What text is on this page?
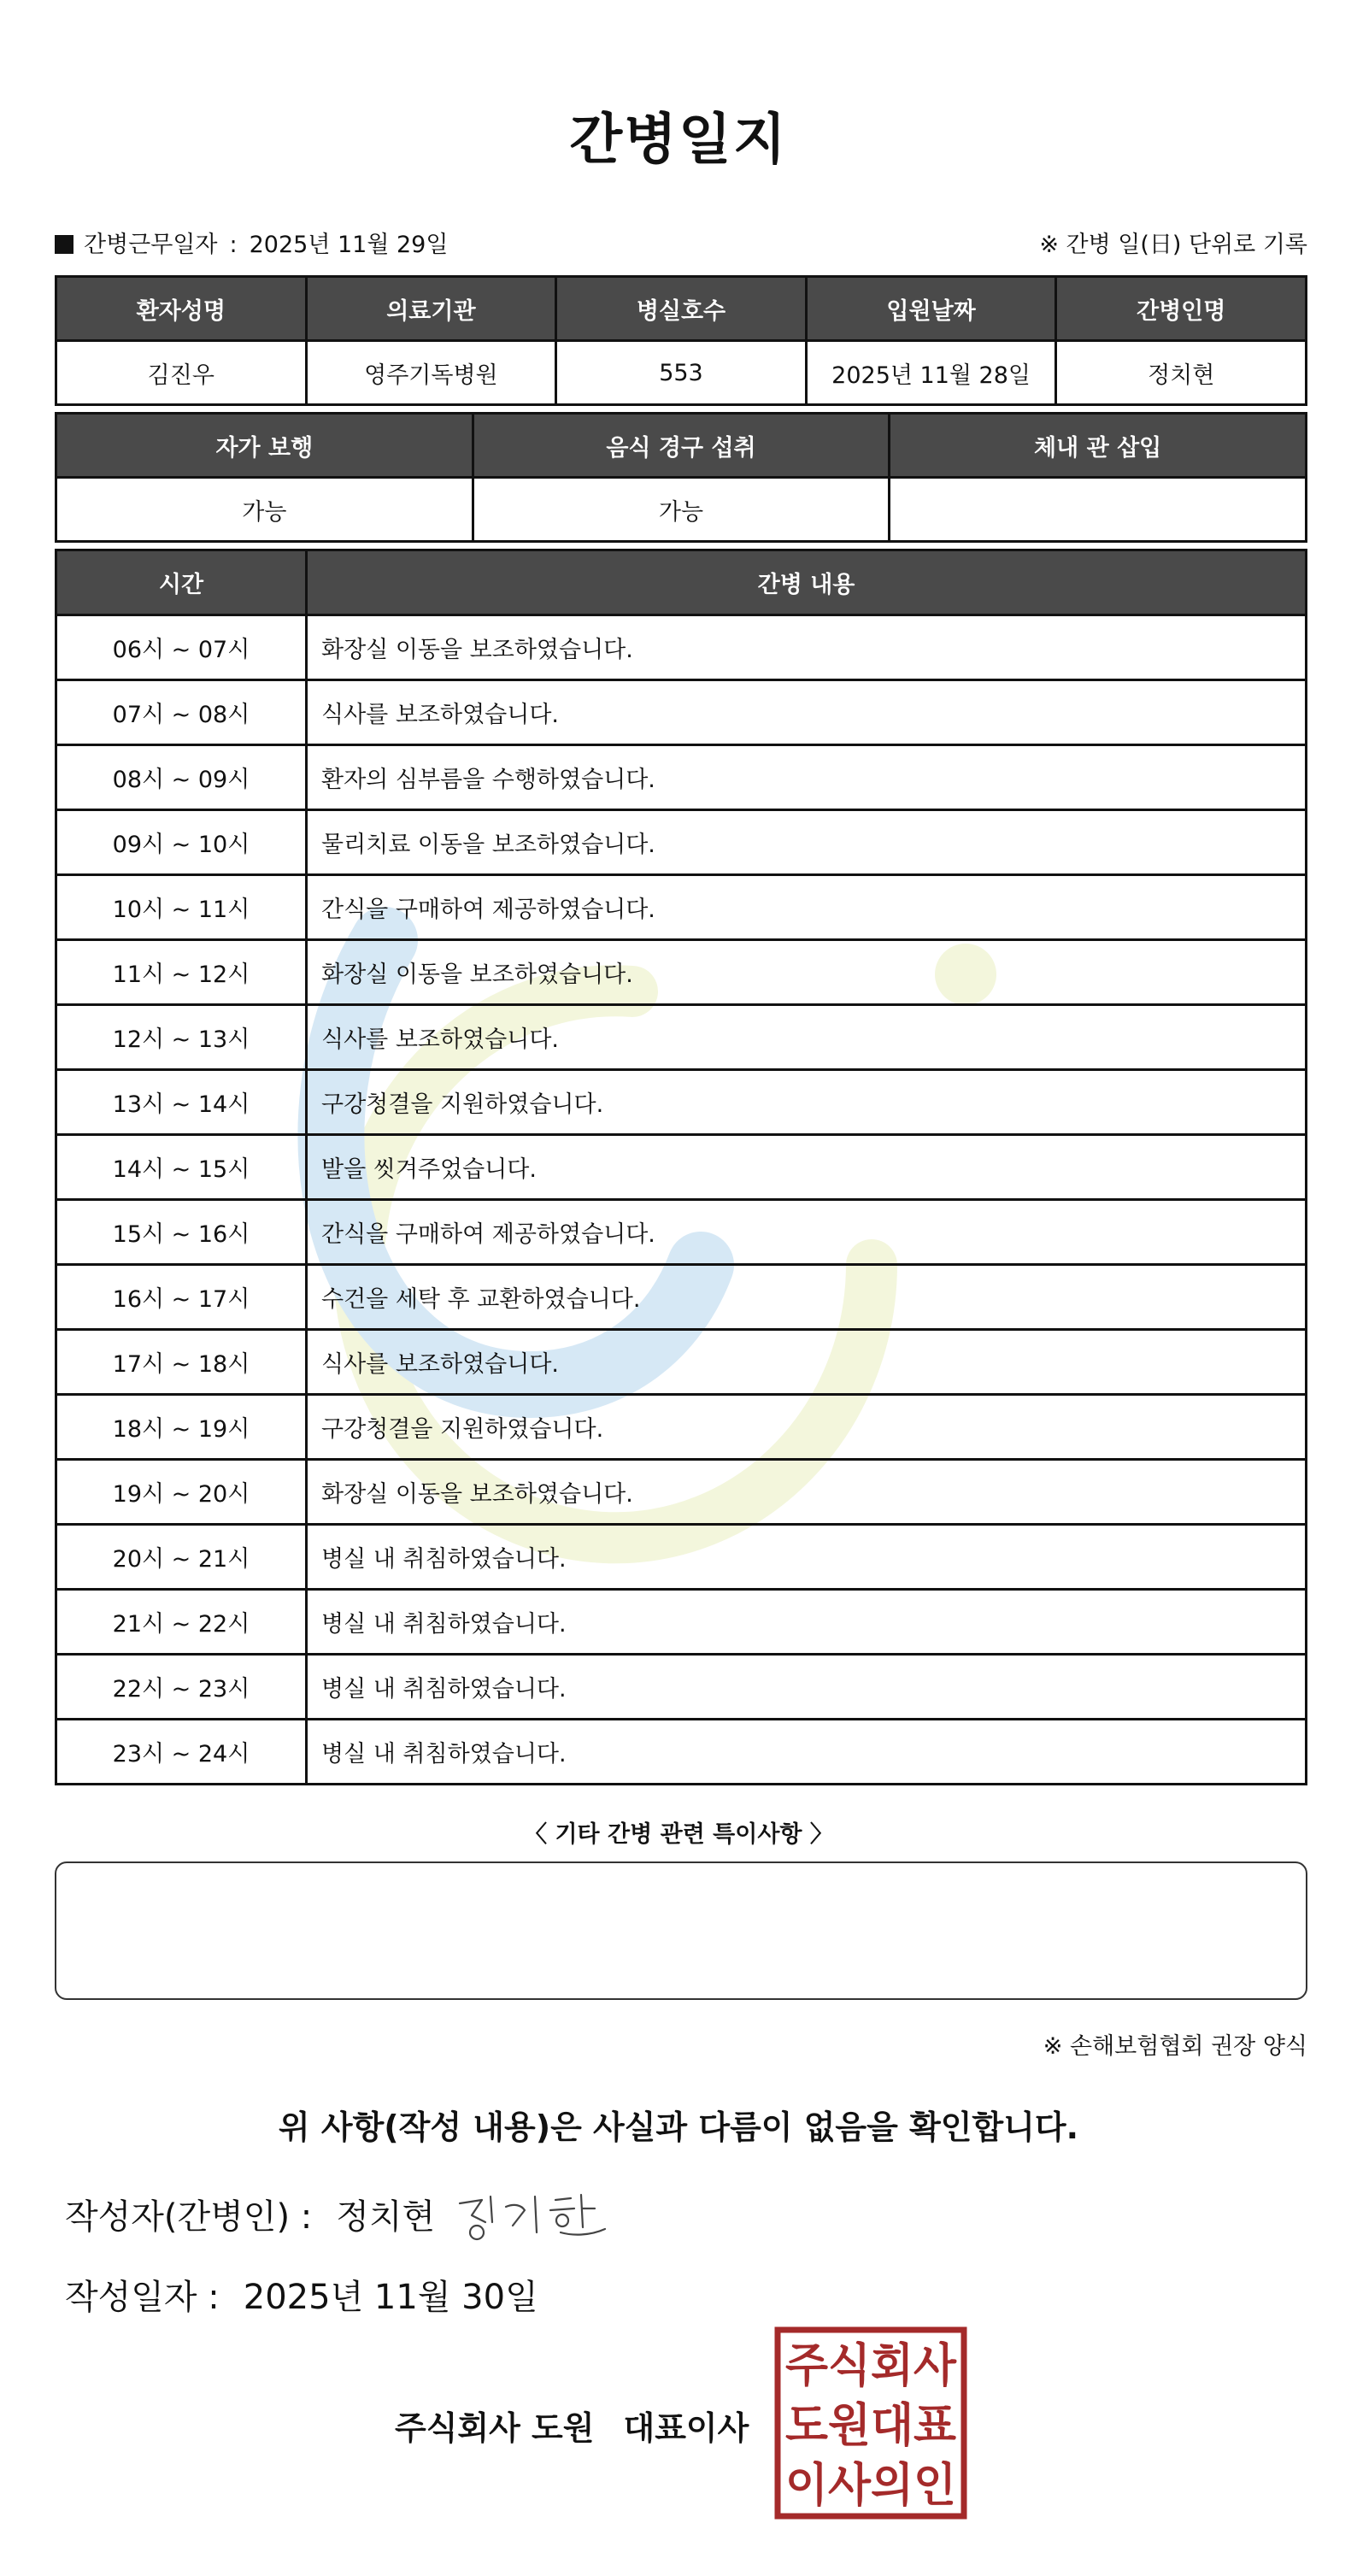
간병일지
간병근무일자 : 2025년 11월 29일	※ 간병 일(日) 단위로 기록
환자성명	의료기관	병실호수	입원날짜	간병인명
김진우	영주기독병원	553	2025년 11월 28일	정치현
자가 보행	음식 경구 섭취	체내 관 삽입
가능	가능	
시간	간병 내용
06시 ~ 07시	화장실 이동을 보조하였습니다.
07시 ~ 08시	식사를 보조하였습니다.
08시 ~ 09시	환자의 심부름을 수행하였습니다.
09시 ~ 10시	물리치료 이동을 보조하였습니다.
10시 ~ 11시	간식을 구매하여 제공하였습니다.
11시 ~ 12시	화장실 이동을 보조하였습니다.
12시 ~ 13시	식사를 보조하였습니다.
13시 ~ 14시	구강청결을 지원하였습니다.
14시 ~ 15시	발을 씻겨주었습니다.
15시 ~ 16시	간식을 구매하여 제공하였습니다.
16시 ~ 17시	수건을 세탁 후 교환하였습니다.
17시 ~ 18시	식사를 보조하였습니다.
18시 ~ 19시	구강청결을 지원하였습니다.
19시 ~ 20시	화장실 이동을 보조하였습니다.
20시 ~ 21시	병실 내 취침하였습니다.
21시 ~ 22시	병실 내 취침하였습니다.
22시 ~ 23시	병실 내 취침하였습니다.
23시 ~ 24시	병실 내 취침하였습니다.
〈 기타 간병 관련 특이사항 〉
※ 손해보험협회 권장 양식
위 사항(작성 내용)은 사실과 다름이 없음을 확인합니다.
작성자(간병인) : 정치현
작성일자 : 2025년 11월 30일
주식회사 도원 대표이사
주식회사
도원대표
이사의인
